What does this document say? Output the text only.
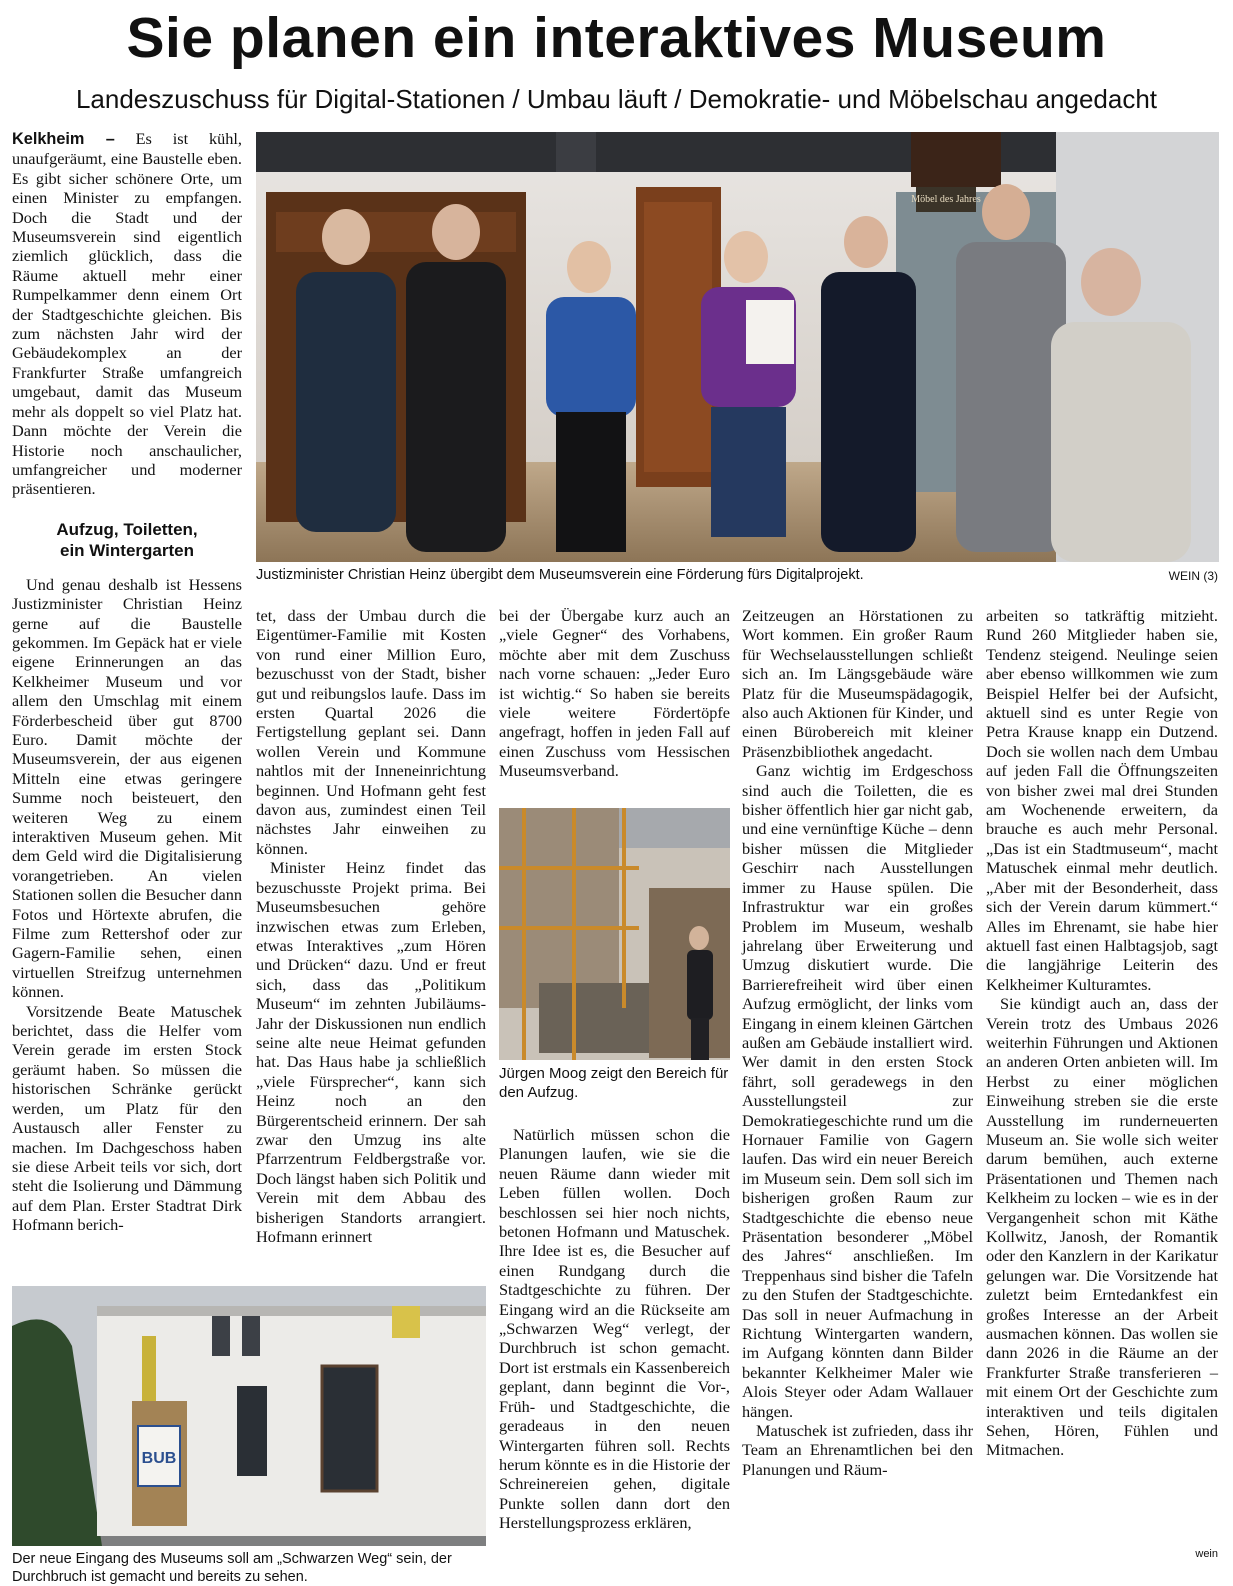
Sie planen ein interaktives Museum
Landeszuschuss für Digital-Stationen / Umbau läuft / Demokratie- und Möbelschau angedacht

Kelkheim – Es ist kühl, unaufgeräumt, eine Baustelle eben. Es gibt sicher schönere Orte, um einen Minister zu empfangen. Doch die Stadt und der Museumsverein sind eigentlich ziemlich glücklich, dass die Räume aktuell mehr einer Rumpelkammer denn einem Ort der Stadtgeschichte gleichen. Bis zum nächsten Jahr wird der Gebäudekomplex an der Frankfurter Straße umfangreich umgebaut, damit das Museum mehr als doppelt so viel Platz hat. Dann möchte der Verein die Historie noch anschaulicher, umfangreicher und moderner präsentieren.

Aufzug, Toiletten, ein Wintergarten

Und genau deshalb ist Hessens Justizminister Christian Heinz gerne auf die Baustelle gekommen. Im Gepäck hat er viele eigene Erinnerungen an das Kelkheimer Museum und vor allem den Umschlag mit einem Förderbescheid über gut 8700 Euro. Damit möchte der Museumsverein, der aus eigenen Mitteln eine etwas geringere Summe noch beisteuert, den weiteren Weg zu einem interaktiven Museum gehen. Mit dem Geld wird die Digitalisierung vorangetrieben. An vielen Stationen sollen die Besucher dann Fotos und Hörtexte abrufen, die Filme zum Rettershof oder zur Gagern-Familie sehen, einen virtuellen Streifzug unternehmen können.

Vorsitzende Beate Matuschek berichtet, dass die Helfer vom Verein gerade im ersten Stock geräumt haben. So müssen die historischen Schränke gerückt werden, um Platz für den Austausch aller Fenster zu machen. Im Dachgeschoss haben sie diese Arbeit teils vor sich, dort steht die Isolierung und Dämmung auf dem Plan. Erster Stadtrat Dirk Hofmann berich-

Möbel des Jahres
Justizminister Christian Heinz übergibt dem Museumsverein eine Förderung fürs Digitalprojekt.	WEIN (3)

tet, dass der Umbau durch die Eigentümer-Familie mit Kosten von rund einer Million Euro, bezuschusst von der Stadt, bisher gut und reibungslos laufe. Dass im ersten Quartal 2026 die Fertigstellung geplant sei. Dann wollen Verein und Kommune nahtlos mit der Inneneinrichtung beginnen. Und Hofmann geht fest davon aus, zumindest einen Teil nächstes Jahr einweihen zu können.

Minister Heinz findet das bezuschusste Projekt prima. Bei Museumsbesuchen gehöre inzwischen etwas zum Erleben, etwas Interaktives „zum Hören und Drücken“ dazu. Und er freut sich, dass das „Politikum Museum“ im zehnten Jubiläums-Jahr der Diskussionen nun endlich seine alte neue Heimat gefunden hat. Das Haus habe ja schließlich „viele Fürsprecher“, kann sich Heinz noch an den Bürgerentscheid erinnern. Der sah zwar den Umzug ins alte Pfarrzentrum Feldbergstraße vor. Doch längst haben sich Politik und Verein mit dem Abbau des bisherigen Standorts arrangiert. Hofmann erinnert

bei der Übergabe kurz auch an „viele Gegner“ des Vorhabens, möchte aber mit dem Zuschuss nach vorne schauen: „Jeder Euro ist wichtig.“ So haben sie bereits viele weitere Fördertöpfe angefragt, hoffen in jeden Fall auf einen Zuschuss vom Hessischen Museumsverband.

Jürgen Moog zeigt den Bereich für den Aufzug.

Natürlich müssen schon die Planungen laufen, wie sie die neuen Räume dann wieder mit Leben füllen wollen. Doch beschlossen sei hier noch nichts, betonen Hofmann und Matuschek. Ihre Idee ist es, die Besucher auf einen Rundgang durch die Stadtgeschichte zu führen. Der Eingang wird an die Rückseite am „Schwarzen Weg“ verlegt, der Durchbruch ist schon gemacht. Dort ist erstmals ein Kassenbereich geplant, dann beginnt die Vor-, Früh- und Stadtgeschichte, die geradeaus in den neuen Wintergarten führen soll. Rechts herum könnte es in die Historie der Schreinereien gehen, digitale Punkte sollen dann dort den Herstellungsprozess erklären,

Zeitzeugen an Hörstationen zu Wort kommen. Ein großer Raum für Wechselausstellungen schließt sich an. Im Längsgebäude wäre Platz für die Museumspädagogik, also auch Aktionen für Kinder, und einen Bürobereich mit kleiner Präsenzbibliothek angedacht.

Ganz wichtig im Erdgeschoss sind auch die Toiletten, die es bisher öffentlich hier gar nicht gab, und eine vernünftige Küche – denn bisher müssen die Mitglieder Geschirr nach Ausstellungen immer zu Hause spülen. Die Infrastruktur war ein großes Problem im Museum, weshalb jahrelang über Erweiterung und Umzug diskutiert wurde. Die Barrierefreiheit wird über einen Aufzug ermöglicht, der links vom Eingang in einem kleinen Gärtchen außen am Gebäude installiert wird. Wer damit in den ersten Stock fährt, soll geradewegs in den Ausstellungsteil zur Demokratiegeschichte rund um die Hornauer Familie von Gagern laufen. Das wird ein neuer Bereich im Museum sein. Dem soll sich im bisherigen großen Raum zur Stadtgeschichte die ebenso neue Präsentation besonderer „Möbel des Jahres“ anschließen. Im Treppenhaus sind bisher die Tafeln zu den Stufen der Stadtgeschichte. Das soll in neuer Aufmachung in Richtung Wintergarten wandern, im Aufgang könnten dann Bilder bekannter Kelkheimer Maler wie Alois Steyer oder Adam Wallauer hängen.

Matuschek ist zufrieden, dass ihr Team an Ehrenamtlichen bei den Planungen und Räum-

arbeiten so tatkräftig mitzieht. Rund 260 Mitglieder haben sie, Tendenz steigend. Neulinge seien aber ebenso willkommen wie zum Beispiel Helfer bei der Aufsicht, aktuell sind es unter Regie von Petra Krause knapp ein Dutzend. Doch sie wollen nach dem Umbau auf jeden Fall die Öffnungszeiten von bisher zwei mal drei Stunden am Wochenende erweitern, da brauche es auch mehr Personal. „Das ist ein Stadtmuseum“, macht Matuschek einmal mehr deutlich. „Aber mit der Besonderheit, dass sich der Verein darum kümmert.“ Alles im Ehrenamt, sie habe hier aktuell fast einen Halbtagsjob, sagt die langjährige Leiterin des Kelkheimer Kulturamtes.

Sie kündigt auch an, dass der Verein trotz des Umbaus 2026 weiterhin Führungen und Aktionen an anderen Orten anbieten will. Im Herbst zu einer möglichen Einweihung streben sie die erste Ausstellung im runderneuerten Museum an. Sie wolle sich weiter darum bemühen, auch externe Präsentationen und Themen nach Kelkheim zu locken – wie es in der Vergangenheit schon mit Käthe Kollwitz, Janosh, der Romantik oder den Kanzlern in der Karikatur gelungen war. Die Vorsitzende hat zuletzt beim Erntedankfest ein großes Interesse an der Arbeit ausmachen können. Das wollen sie dann 2026 in die Räume an der Frankfurter Straße transferieren – mit einem Ort der Geschichte zum interaktiven und teils digitalen Sehen, Hören, Fühlen und Mitmachen.

wein
BUB
Der neue Eingang des Museums soll am „Schwarzen Weg“ sein, der Durchbruch ist gemacht und bereits zu sehen.
